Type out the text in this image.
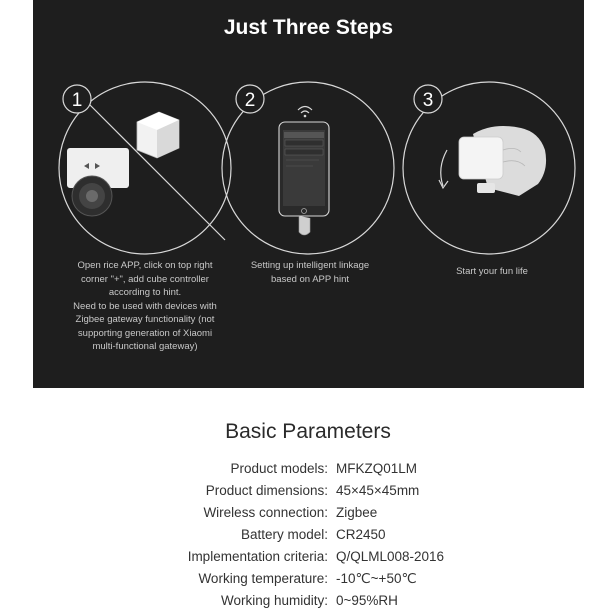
Just Three Steps
1	2	3
Open rice APP, click on top right
corner "+", add cube controller
according to hint.
Need to be used with devices with
Zigbee gateway functionality (not
supporting generation of Xiaomi
multi-functional gateway)
Setting up intelligent linkage
based on APP hint
Start your fun life
Basic Parameters
Product models: MFKZQ01LM
Product dimensions: 45×45×45mm
Wireless connection: Zigbee
Battery model: CR2450
Implementation criteria: Q/QLML008-2016
Working temperature: -10℃~+50℃
Working humidity: 0~95%RH
